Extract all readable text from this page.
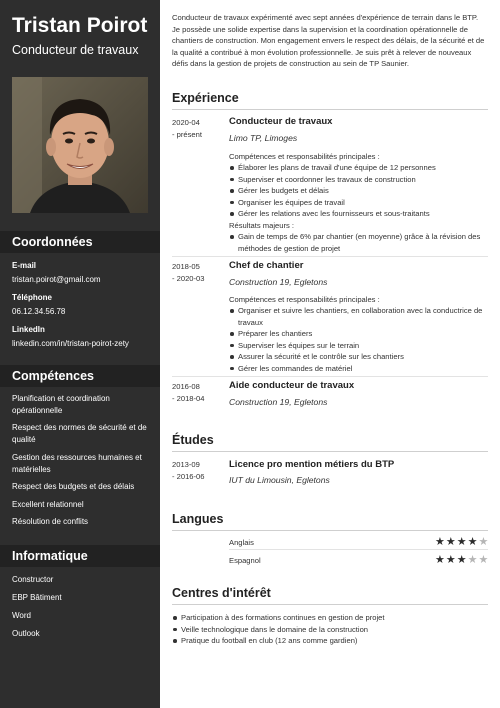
Tristan Poirot
Conducteur de travaux
Coordonnées
E-mail
tristan.poirot@gmail.com
Téléphone
06.12.34.56.78
LinkedIn
linkedin.com/in/tristan-poirot-zety
Compétences
Planification et coordination opérationnelle
Respect des normes de sécurité et de qualité
Gestion des ressources humaines et matérielles
Respect des budgets et des délais
Excellent relationnel
Résolution de conflits
Informatique
Constructor
EBP Bâtiment
Word
Outlook
Conducteur de travaux expérimenté avec sept années d'expérience de terrain dans le BTP. Je possède une solide expertise dans la supervision et la coordination opérationnelle de chantiers de construction. Mon engagement envers le respect des délais, de la sécurité et de la qualité a contribué à mon évolution professionnelle. Je suis prêt à relever de nouveaux défis dans la gestion de projets de construction au sein de TP Saunier.
Expérience
2020-04
- présent
Conducteur de travaux
Limo TP, Limoges
Compétences et responsabilités principales :
Élaborer les plans de travail d'une équipe de 12 personnes
Superviser et coordonner les travaux de construction
Gérer les budgets et délais
Organiser les équipes de travail
Gérer les relations avec les fournisseurs et sous-traitants
Résultats majeurs :
Gain de temps de 6% par chantier (en moyenne) grâce à la révision des méthodes de gestion de projet
2018-05
- 2020-03
Chef de chantier
Construction 19, Egletons
Compétences et responsabilités principales :
Organiser et suivre les chantiers, en collaboration avec la conductrice de travaux
Préparer les chantiers
Superviser les équipes sur le terrain
Assurer la sécurité et le contrôle sur les chantiers
Gérer les commandes de matériel
2016-08
- 2018-04
Aide conducteur de travaux
Construction 19, Egletons
Études
2013-09
- 2016-06
Licence pro mention métiers du BTP
IUT du Limousin, Egletons
Langues
Anglais	★ ★ ★ ★ ★
Espagnol	★ ★ ★ ★ ★
Centres d'intérêt
Participation à des formations continues en gestion de projet
Veille technologique dans le domaine de la construction
Pratique du football en club (12 ans comme gardien)
